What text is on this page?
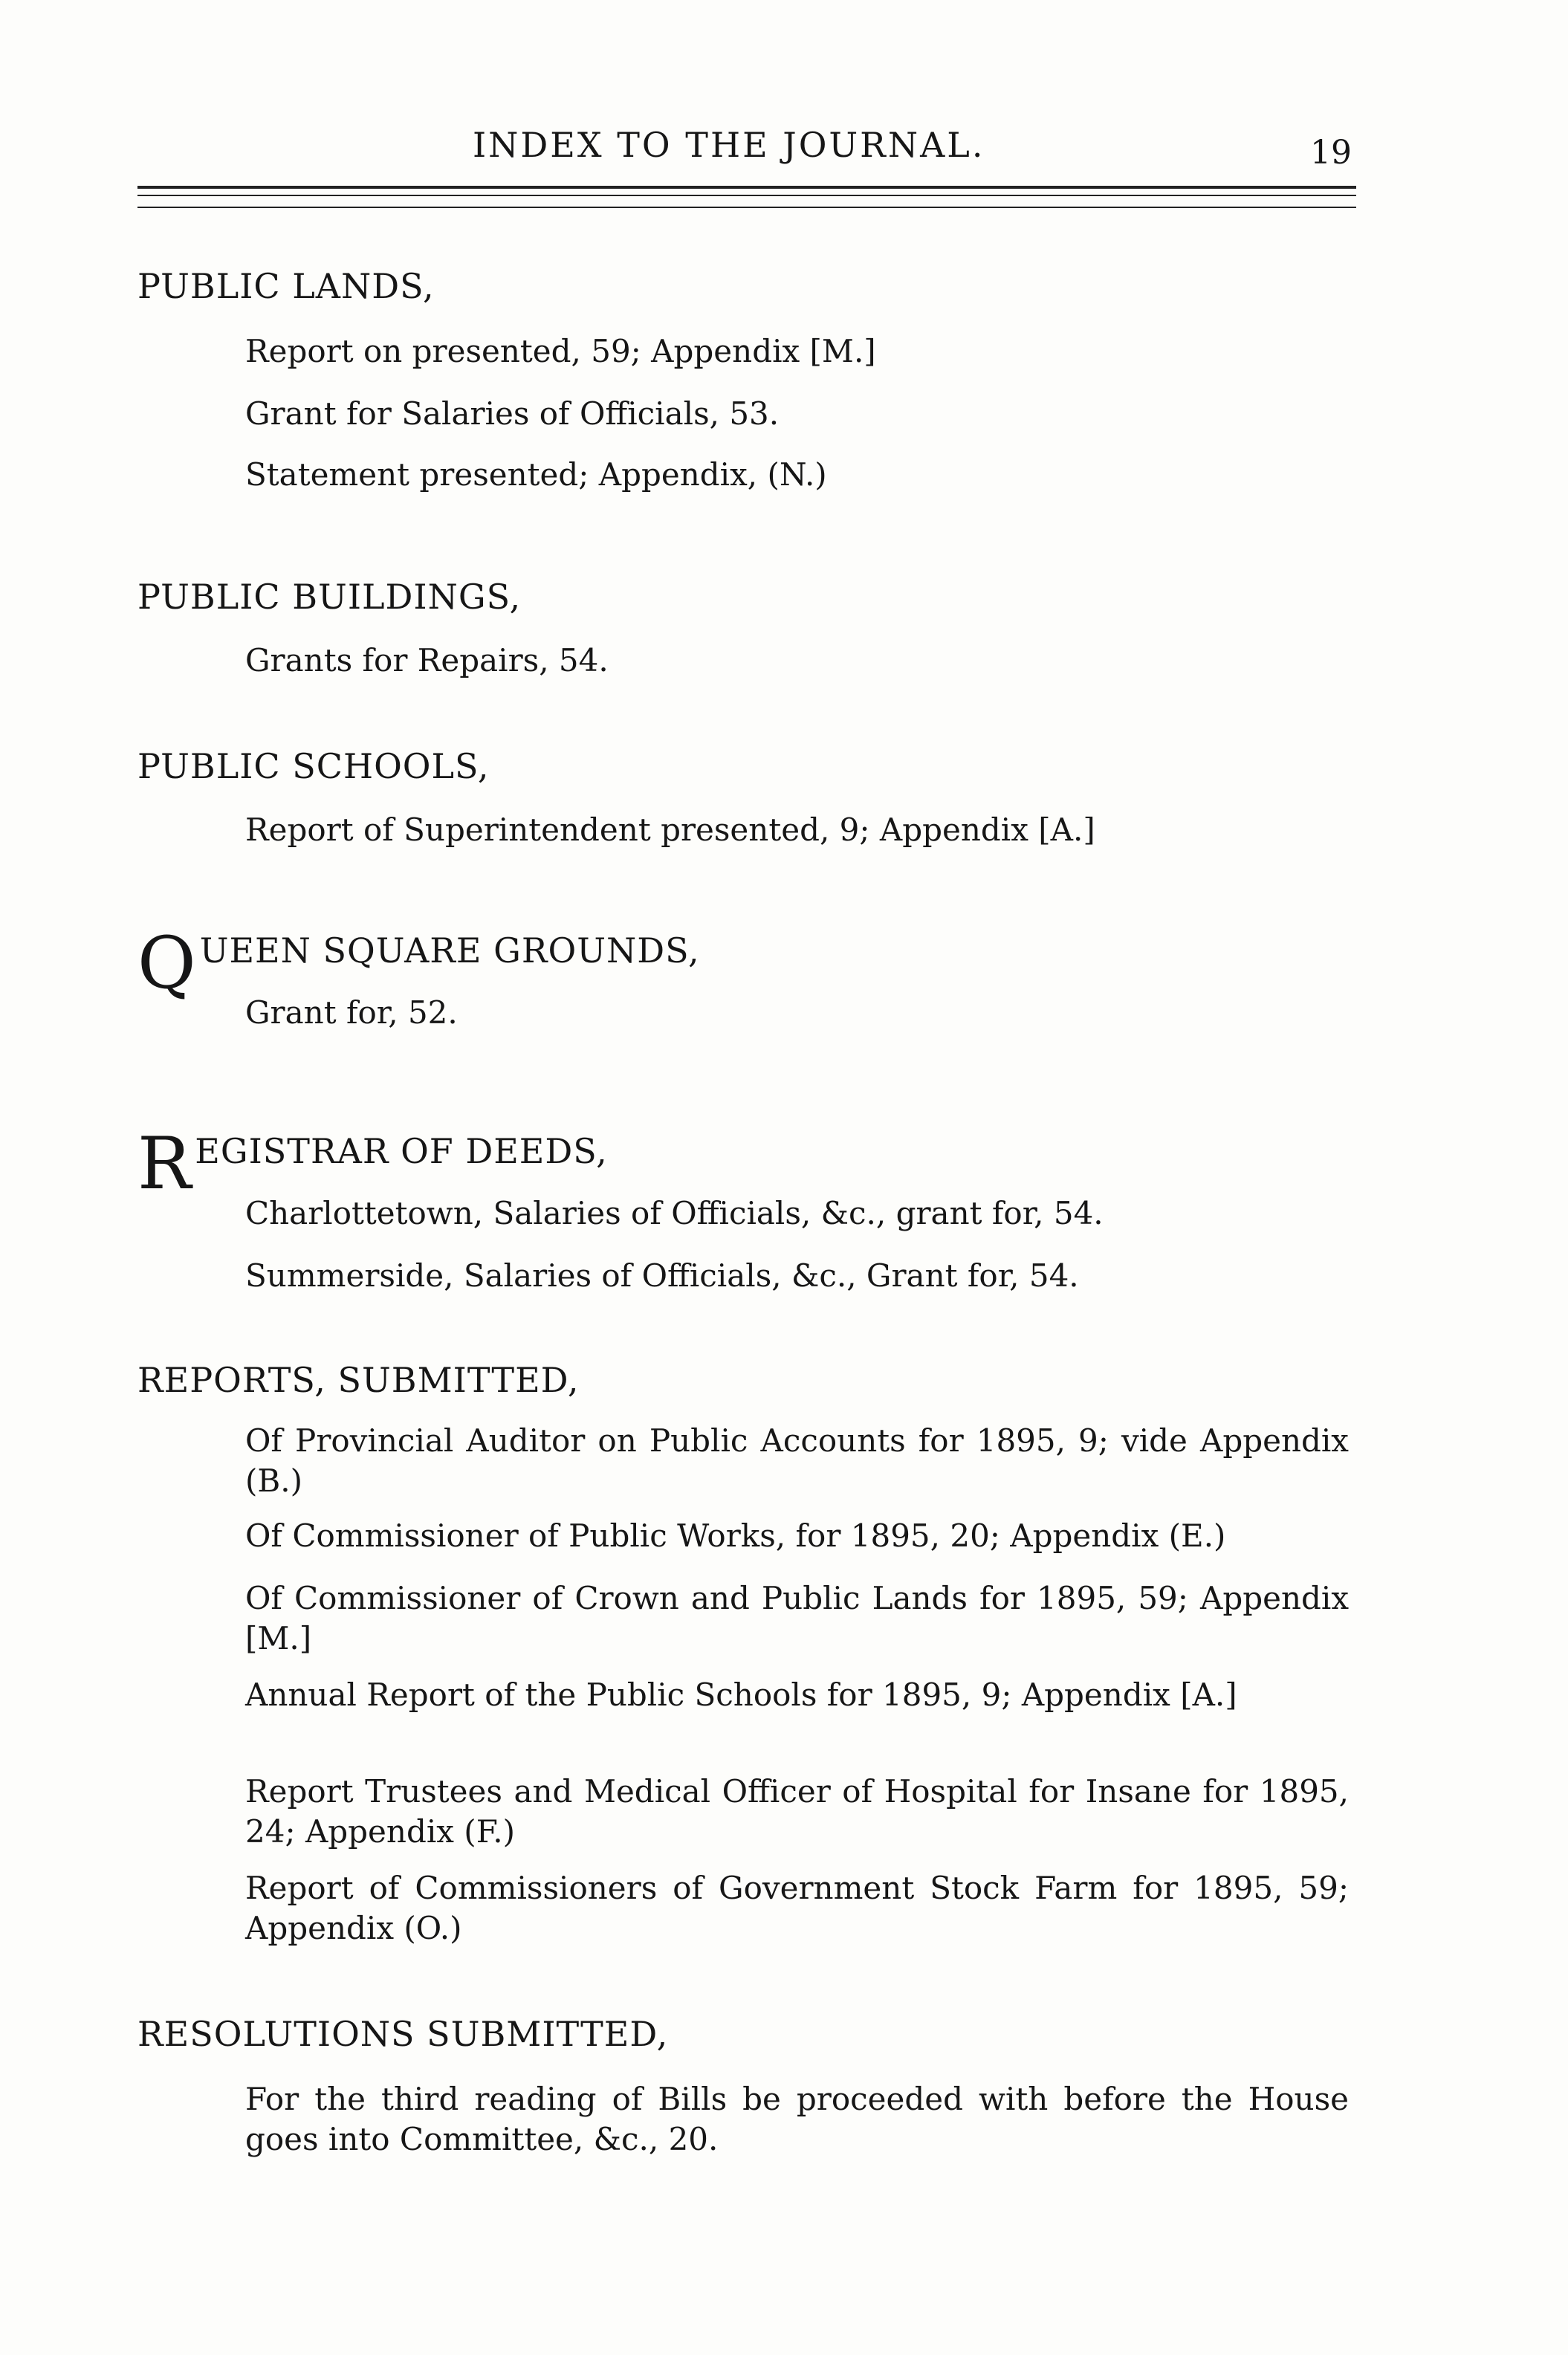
INDEX TO THE JOURNAL.	19
PUBLIC LANDS,
Report on presented, 59; Appendix [M.]
Grant for Salaries of Officials, 53.
Statement presented; Appendix, (N.)
PUBLIC BUILDINGS,
Grants for Repairs, 54.
PUBLIC SCHOOLS,
Report of Superintendent presented, 9; Appendix [A.]
QUEEN SQUARE GROUNDS,
Grant for, 52.
REGISTRAR OF DEEDS,
Charlottetown, Salaries of Officials, &c., grant for, 54.
Summerside, Salaries of Officials, &c., Grant for, 54.
REPORTS, SUBMITTED,
Of Provincial Auditor on Public Accounts for 1895, 9; vide Appendix (B.)
Of Commissioner of Public Works, for 1895, 20; Appendix (E.)
Of Commissioner of Crown and Public Lands for 1895, 59; Appendix [M.]
Annual Report of the Public Schools for 1895, 9; Appendix [A.]
Report Trustees and Medical Officer of Hospital for Insane for 1895, 24; Appendix (F.)
Report of Commissioners of Government Stock Farm for 1895, 59; Appendix (O.)
RESOLUTIONS SUBMITTED,
For the third reading of Bills be proceeded with before the House goes into Committee, &c., 20.
